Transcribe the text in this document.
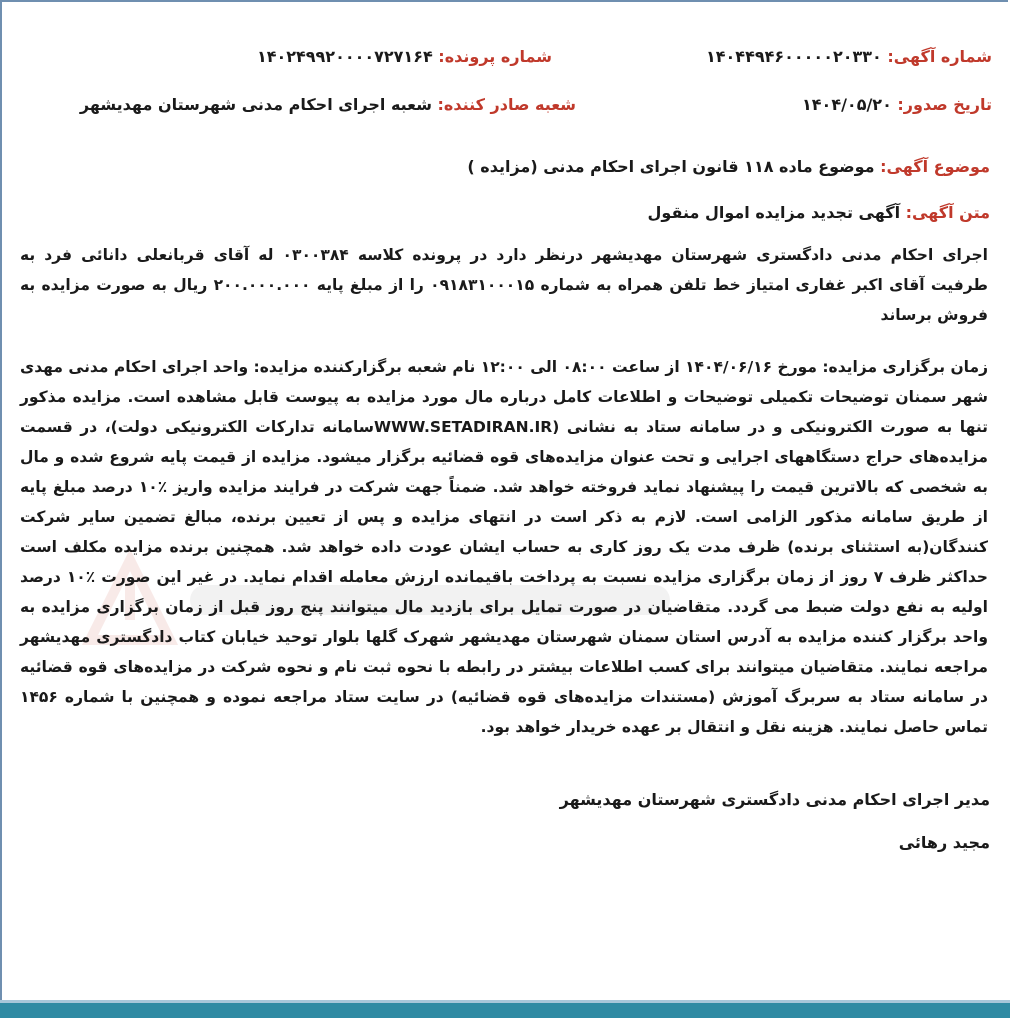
شماره آگهی: ۱۴۰۴۴۹۴۶۰۰۰۰۰۲۰۳۳۰
شماره پرونده: ۱۴۰۲۴۹۹۲۰۰۰۰۷۲۷۱۶۴
تاریخ صدور: ۱۴۰۴/۰۵/۲۰
شعبه صادر کننده: شعبه اجرای احکام مدنی شهرستان مهدیشهر
موضوع آگهی: موضوع ماده ۱۱۸ قانون اجرای احکام مدنی (مزایده )
متن آگهی: آگهی تجدید مزایده اموال منقول

اجرای احکام مدنی دادگستری شهرستان مهدیشهر درنظر دارد در پرونده کلاسه ۰۳۰۰۳۸۴ له آقای قربانعلی دانائی فرد به طرفیت آقای اکبر غفاری امتیاز خط تلفن همراه به شماره ۰۹۱۸۳۱۰۰۰۱۵ را از مبلغ پایه ۲۰۰.۰۰۰.۰۰۰ ریال به صورت مزایده به فروش برساند

زمان برگزاری مزایده: مورخ ۱۴۰۴/۰۶/۱۶ از ساعت ۰۸:۰۰ الی ۱۲:۰۰ نام شعبه برگزارکننده مزایده: واحد اجرای احکام مدنی مهدی شهر سمنان توضیحات تکمیلی توضیحات و اطلاعات کامل درباره مال مورد مزایده به پیوست قابل مشاهده است. مزایده مذکور تنها به صورت الکترونیکی و در سامانه ستاد به نشانی (WWW.SETADIRAN.IRسامانه تدارکات الکترونیکی دولت)، در قسمت مزایده‌های حراج دستگاههای اجرایی و تحت عنوان مزایده‌های قوه قضائیه برگزار میشود. مزایده از قیمت پایه شروع شده و مال به شخصی که بالاترین قیمت را پیشنهاد نماید فروخته خواهد شد. ضمناً جهت شرکت در فرایند مزایده واریز ٪۱۰ درصد مبلغ پایه از طریق سامانه مذکور الزامی است. لازم به ذکر است در انتهای مزایده و پس از تعیین برنده، مبالغ تضمین سایر شرکت کنندگان(به استثنای برنده) ظرف مدت یک روز کاری به حساب ایشان عودت داده خواهد شد. همچنین برنده مزایده مکلف است حداکثر ظرف ۷ روز از زمان برگزاری مزایده نسبت به پرداخت باقیمانده ارزش معامله اقدام نماید. در غیر این صورت ٪۱۰ درصد اولیه به نفع دولت ضبط می گردد. متقاضیان در صورت تمایل برای بازدید مال میتوانند پنج روز قبل از زمان برگزاری مزایده به واحد برگزار کننده مزایده به آدرس استان سمنان شهرستان مهدیشهر شهرک گلها بلوار توحید خیابان کتاب دادگستری مهدیشهر مراجعه نمایند. متقاضیان میتوانند برای کسب اطلاعات بیشتر در رابطه با نحوه ثبت نام و نحوه شرکت در مزایده‌های قوه قضائیه در سامانه ستاد به سربرگ آموزش (مستندات مزایده‌های قوه قضائیه) در سایت ستاد مراجعه نموده و همچنین با شماره ۱۴۵۶ تماس حاصل نمایند. هزینه نقل و انتقال بر عهده خریدار خواهد بود.

مدیر اجرای احکام مدنی دادگستری شهرستان مهدیشهر
مجید رهائی
